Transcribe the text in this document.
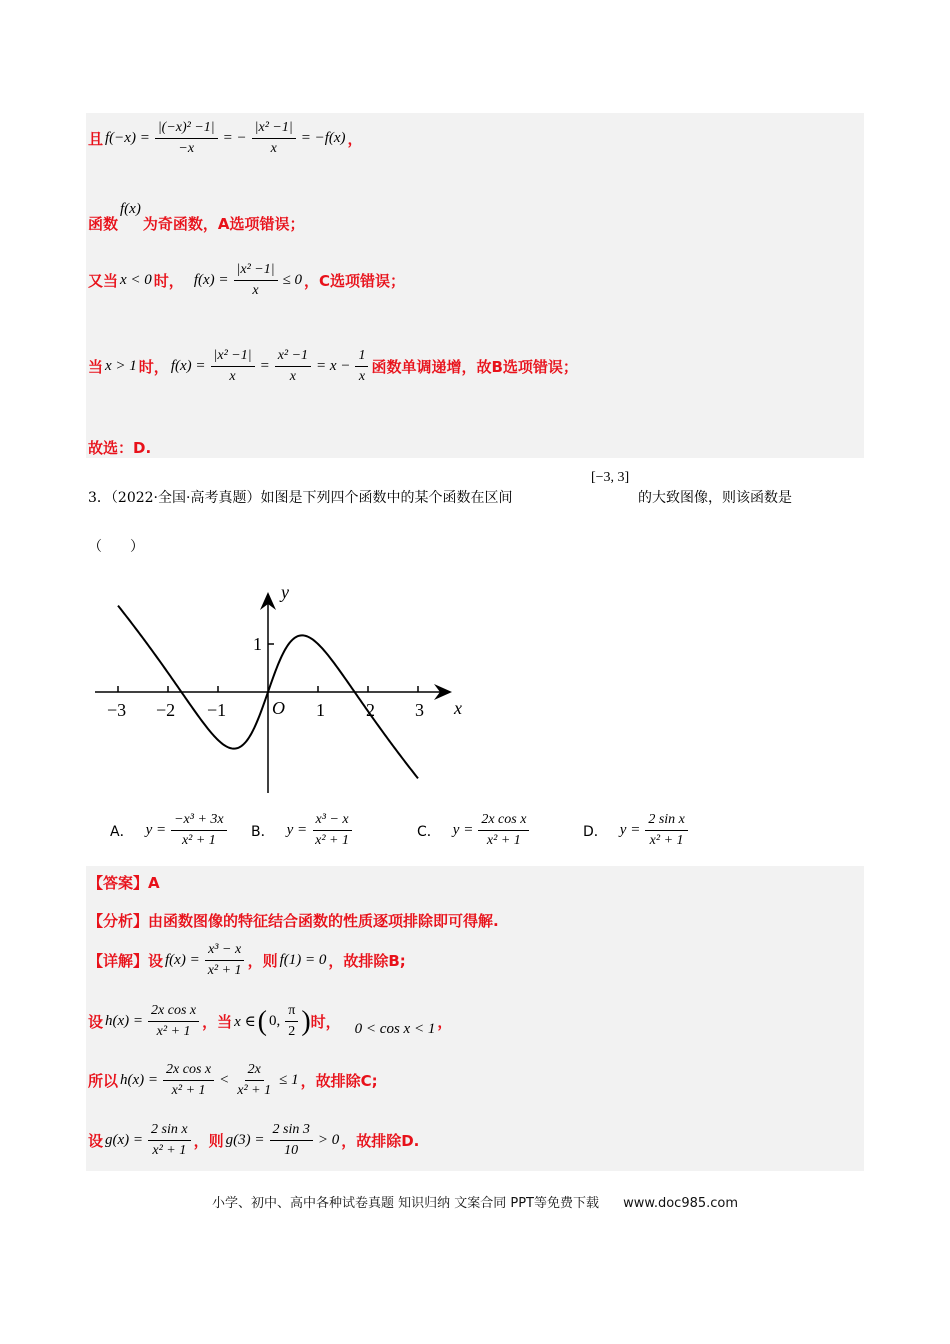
且 $f(-x) = \frac{\text{|(−x)² −1|}}{-x}$ = − $\frac{\text{|x² −1|}}{x} = -f(x)$ ，
函数
f(x)
为奇函数，A选项错误；
又当 x < 0 时， $f(x) = \frac{\text{|x² −1|}}{x} \le 0$ ，C选项错误；
当 x > 1 时， $f(x) = \frac{\text{|x² −1|}}{x} = \frac{\text{x² −1}}{x} = x - \frac{1}{x}$ 函数单调递增，故B选项错误；
故选：D.
3．（2022·全国·高考真题）如图是下列四个函数中的某个函数在区间
[−3, 3]
的大致图像，则该函数是
（　　）
y
x
O
−3 −2 −1	1 2 3
1
A． $y = \frac{\text{−x³ + 3x}}{\text{x² + 1}}$ B． $y = \frac{\text{x³ − x}}{\text{x² + 1}}$	C． $y = \frac{\text{2x cos x}}{\text{x² + 1}}$	D． $y = \frac{\text{2 sin x}}{\text{x² + 1}}$
【答案】A
【分析】由函数图像的特征结合函数的性质逐项排除即可得解.
【详解】设 $f(x) = \frac{\text{x³ − x}}{\text{x² + 1}}$ ，则 f(1) = 0 ，故排除B;
设 $h(x) = \frac{\text{2x cos x}}{\text{x² + 1}}$ ，当 x ∈ ( 0, $\frac{\pi}{2}$ ) 时， 0 < cos x < 1 ，
所以 $h(x) = \frac{\text{2x cos x}}{\text{x² + 1}} < \frac{2x}{\text{x² + 1}} \le 1$ ，故排除C;
设 $g(x) = \frac{\text{2 sin x}}{\text{x² + 1}}$ ，则 $g(3) = \frac{2 \sin 3}{10} > 0$ ，故排除D.
小学、初中、高中各种试卷真题 知识归纳 文案合同 PPT等免费下载 www.doc985.com
